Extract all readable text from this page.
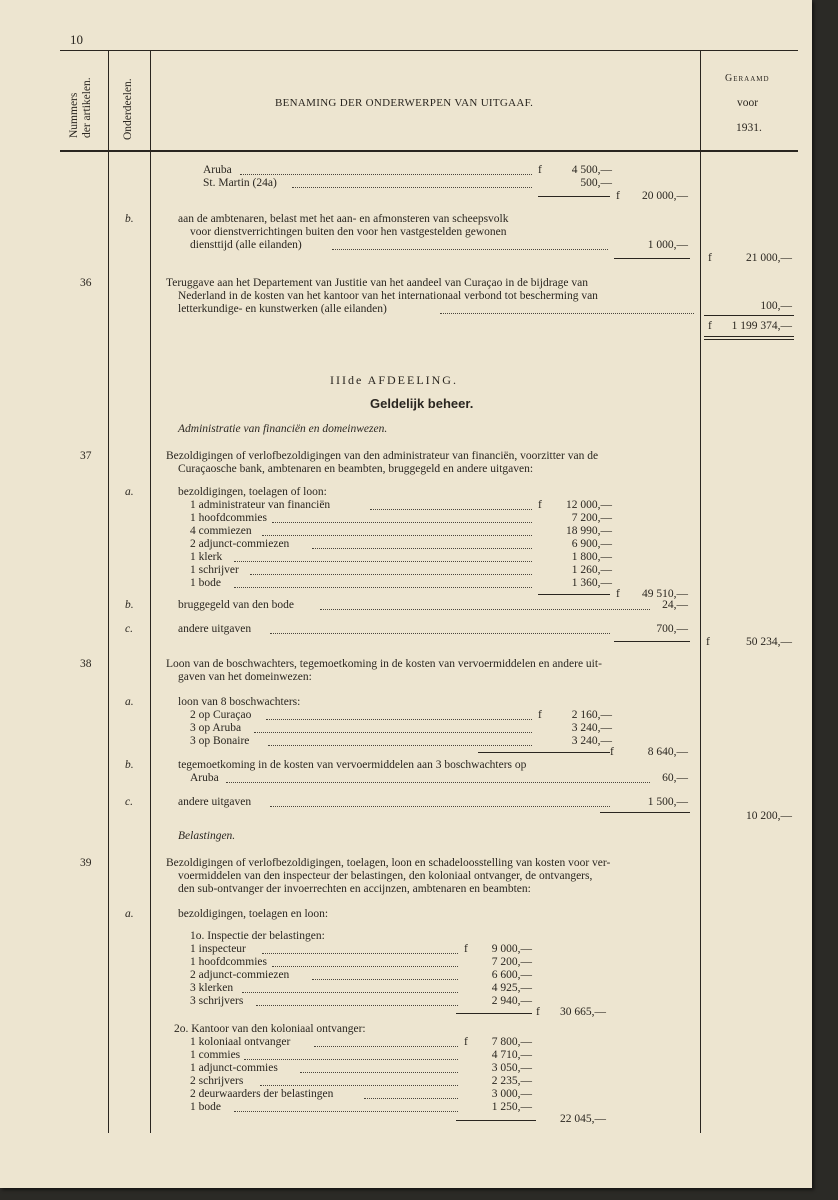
10
Nummers der artikelen.	Onderdeelen.	BENAMING DER ONDERWERPEN VAN UITGAAF.
Geraamd
voor
1931.
Aruba	f	4 500,—
St. Martin (24a)	500,—
f	20 000,—
b.	aan de ambtenaren, belast met het aan- en afmonsteren van scheepsvolk
voor dienstverrichtingen buiten den voor hen vastgestelden gewonen
diensttijd (alle eilanden)	1 000,—
f	21 000,—
36	Teruggave aan het Departement van Justitie van het aandeel van Curaçao in de bijdrage van
Nederland in de kosten van het kantoor van het internationaal verbond tot bescherming van
letterkundige- en kunstwerken (alle eilanden)	100,—
f	1 199 374,—
IIIde AFDEELING.
Geldelijk beheer.
Administratie van financiën en domeinwezen.
37	Bezoldigingen of verlofbezoldigingen van den administrateur van financiën, voorzitter van de
Curaçaosche bank, ambtenaren en beambten, bruggegeld en andere uitgaven:
a.	bezoldigingen, toelagen of loon:
1 administrateur van financiën	f	12 000,—
1 hoofdcommies	7 200,—
4 commiezen	18 990,—
2 adjunct-commiezen	6 900,—
1 klerk	1 800,—
1 schrijver	1 260,—
1 bode	1 360,—
f	49 510,—
b.	bruggegeld van den bode	24,—
c.	andere uitgaven	700,—
f	50 234,—
38	Loon van de boschwachters, tegemoetkoming in de kosten van vervoermiddelen en andere uit-
gaven van het domeinwezen:
a.	loon van 8 boschwachters:
2 op Curaçao	f	2 160,—
3 op Aruba	3 240,—
3 op Bonaire	3 240,—
f	8 640,—
b.	tegemoetkoming in de kosten van vervoermiddelen aan 3 boschwachters op
Aruba	60,—
c.	andere uitgaven	1 500,—
10 200,—
Belastingen.
39	Bezoldigingen of verlofbezoldigingen, toelagen, loon en schadeloosstelling van kosten voor ver-
voermiddelen van den inspecteur der belastingen, den koloniaal ontvanger, de ontvangers,
den sub-ontvanger der invoerrechten en accijnzen, ambtenaren en beambten:
a.	bezoldigingen, toelagen en loon:
1o. Inspectie der belastingen:
1 inspecteur	f	9 000,—
1 hoofdcommies	7 200,—
2 adjunct-commiezen	6 600,—
3 klerken	4 925,—
3 schrijvers	2 940,—
f	30 665,—
2o. Kantoor van den koloniaal ontvanger:
1 koloniaal ontvanger	f	7 800,—
1 commies	4 710,—
1 adjunct-commies	3 050,—
2 schrijvers	2 235,—
2 deurwaarders der belastingen	3 000,—
1 bode	1 250,—
22 045,—
